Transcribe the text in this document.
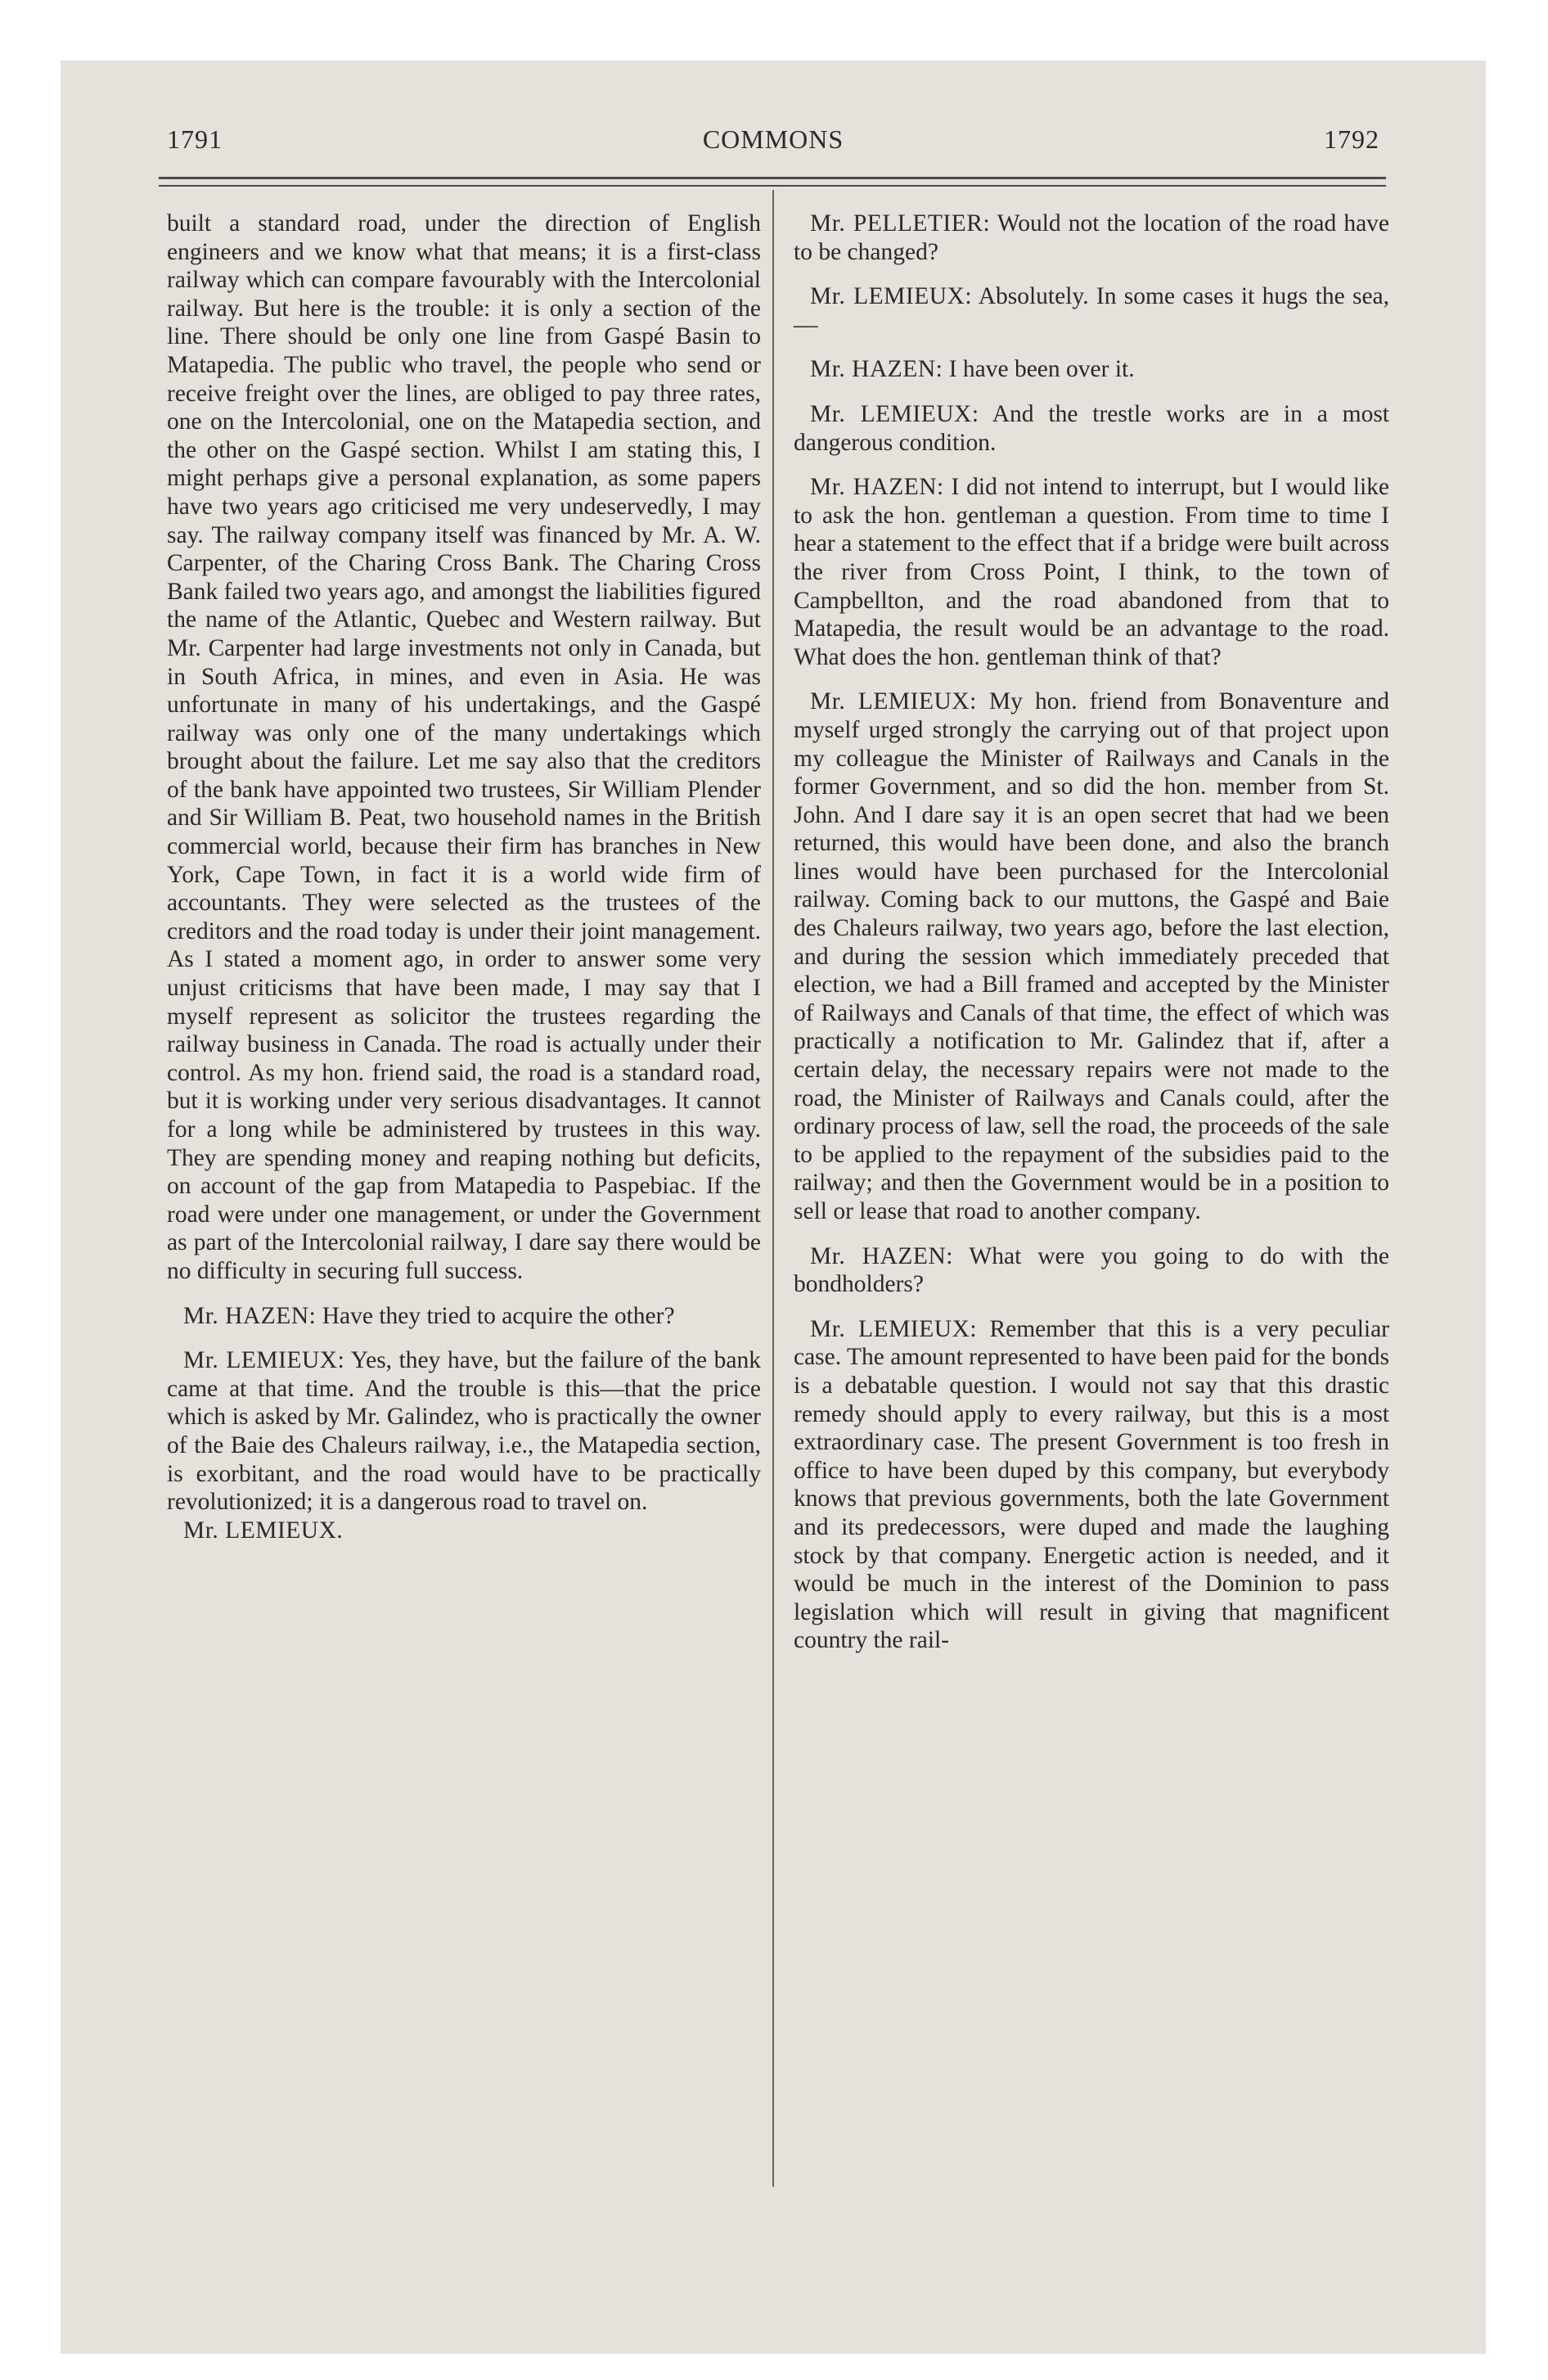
1791	COMMONS	1792

built a standard road, under the direction of English engineers and we know what that means; it is a first-class railway which can compare favourably with the Intercolonial railway. But here is the trouble: it is only a section of the line. There should be only one line from Gaspé Basin to Matapedia. The public who travel, the people who send or receive freight over the lines, are obliged to pay three rates, one on the Intercolonial, one on the Matapedia section, and the other on the Gaspé section. Whilst I am stating this, I might perhaps give a personal explanation, as some papers have two years ago criticised me very undeservedly, I may say. The railway company itself was financed by Mr. A. W. Carpenter, of the Charing Cross Bank. The Charing Cross Bank failed two years ago, and amongst the liabilities figured the name of the Atlantic, Quebec and Western railway. But Mr. Carpenter had large investments not only in Canada, but in South Africa, in mines, and even in Asia. He was unfortunate in many of his undertakings, and the Gaspé railway was only one of the many undertakings which brought about the failure. Let me say also that the creditors of the bank have appointed two trustees, Sir William Plender and Sir William B. Peat, two household names in the British commercial world, because their firm has branches in New York, Cape Town, in fact it is a world wide firm of accountants. They were selected as the trustees of the creditors and the road today is under their joint management. As I stated a moment ago, in order to answer some very unjust criticisms that have been made, I may say that I myself represent as solicitor the trustees regarding the railway business in Canada. The road is actually under their control. As my hon. friend said, the road is a standard road, but it is working under very serious disadvantages. It cannot for a long while be administered by trustees in this way. They are spending money and reaping nothing but deficits, on account of the gap from Matapedia to Paspebiac. If the road were under one management, or under the Government as part of the Intercolonial railway, I dare say there would be no difficulty in securing full success.

Mr. HAZEN: Have they tried to acquire the other?

Mr. LEMIEUX: Yes, they have, but the failure of the bank came at that time. And the trouble is this—that the price which is asked by Mr. Galindez, who is practically the owner of the Baie des Chaleurs railway, i.e., the Matapedia section, is exorbitant, and the road would have to be practically revolutionized; it is a dangerous road to travel on.

Mr. LEMIEUX.

Mr. PELLETIER: Would not the location of the road have to be changed?

Mr. LEMIEUX: Absolutely. In some cases it hugs the sea,—

Mr. HAZEN: I have been over it.

Mr. LEMIEUX: And the trestle works are in a most dangerous condition.

Mr. HAZEN: I did not intend to interrupt, but I would like to ask the hon. gentleman a question. From time to time I hear a statement to the effect that if a bridge were built across the river from Cross Point, I think, to the town of Campbellton, and the road abandoned from that to Matapedia, the result would be an advantage to the road. What does the hon. gentleman think of that?

Mr. LEMIEUX: My hon. friend from Bonaventure and myself urged strongly the carrying out of that project upon my colleague the Minister of Railways and Canals in the former Government, and so did the hon. member from St. John. And I dare say it is an open secret that had we been returned, this would have been done, and also the branch lines would have been purchased for the Intercolonial railway. Coming back to our muttons, the Gaspé and Baie des Chaleurs railway, two years ago, before the last election, and during the session which immediately preceded that election, we had a Bill framed and accepted by the Minister of Railways and Canals of that time, the effect of which was practically a notification to Mr. Galindez that if, after a certain delay, the necessary repairs were not made to the road, the Minister of Railways and Canals could, after the ordinary process of law, sell the road, the proceeds of the sale to be applied to the repayment of the subsidies paid to the railway; and then the Government would be in a position to sell or lease that road to another company.

Mr. HAZEN: What were you going to do with the bondholders?

Mr. LEMIEUX: Remember that this is a very peculiar case. The amount represented to have been paid for the bonds is a debatable question. I would not say that this drastic remedy should apply to every railway, but this is a most extraordinary case. The present Government is too fresh in office to have been duped by this company, but everybody knows that previous governments, both the late Government and its predecessors, were duped and made the laughing stock by that company. Energetic action is needed, and it would be much in the interest of the Dominion to pass legislation which will result in giving that magnificent country the rail-
